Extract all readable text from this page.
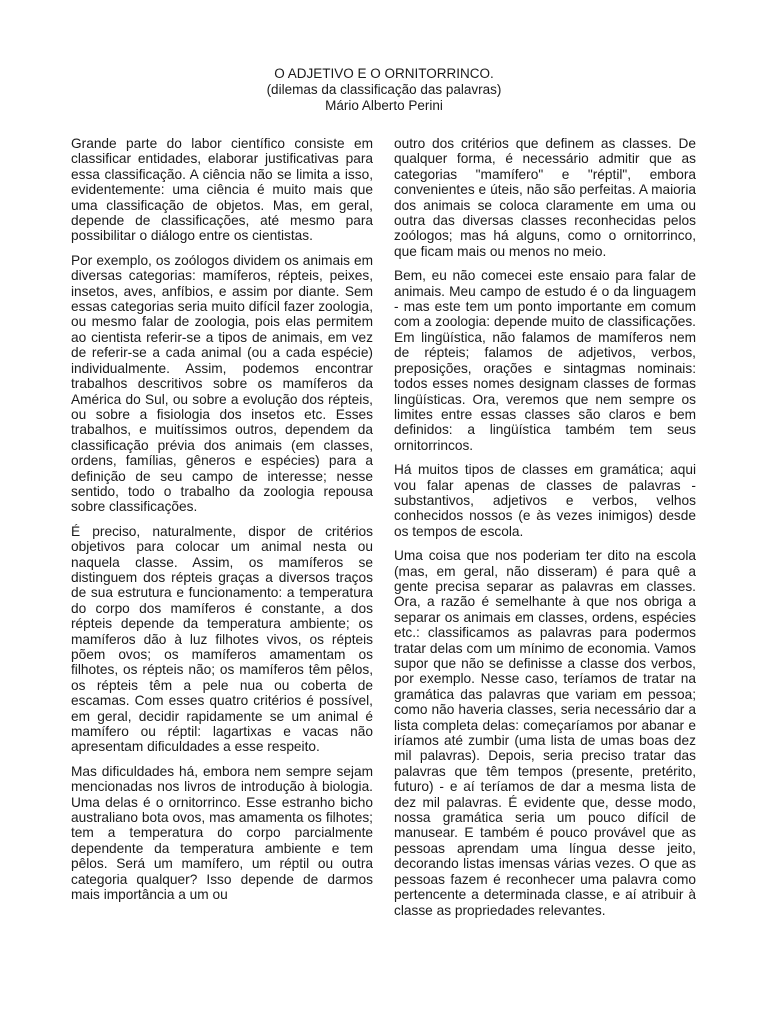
O ADJETIVO E O ORNITORRINCO.
(dilemas da classificação das palavras)
Mário Alberto Perini

Grande parte do labor científico consiste em classificar entidades, elaborar justificativas para essa classificação. A ciência não se limita a isso, evidentemente: uma ciência é muito mais que uma classificação de objetos. Mas, em geral, depende de classificações, até mesmo para possibilitar o diálogo entre os cientistas.

Por exemplo, os zoólogos dividem os animais em diversas categorias: mamíferos, répteis, peixes, insetos, aves, anfíbios, e assim por diante. Sem essas categorias seria muito difícil fazer zoologia, ou mesmo falar de zoologia, pois elas permitem ao cientista referir-se a tipos de animais, em vez de referir-se a cada animal (ou a cada espécie) individualmente. Assim, podemos encontrar trabalhos descritivos sobre os mamíferos da América do Sul, ou sobre a evolução dos répteis, ou sobre a fisiologia dos insetos etc. Esses trabalhos, e muitíssimos outros, dependem da classificação prévia dos animais (em classes, ordens, famílias, gêneros e espécies) para a definição de seu campo de interesse; nesse sentido, todo o trabalho da zoologia repousa sobre classificações.

É preciso, naturalmente, dispor de critérios objetivos para colocar um animal nesta ou naquela classe. Assim, os mamíferos se distinguem dos répteis graças a diversos traços de sua estrutura e funcionamento: a temperatura do corpo dos mamíferos é constante, a dos répteis depende da temperatura ambiente; os mamíferos dão à luz filhotes vivos, os répteis põem ovos; os mamíferos amamentam os filhotes, os répteis não; os mamíferos têm pêlos, os répteis têm a pele nua ou coberta de escamas. Com esses quatro critérios é possível, em geral, decidir rapidamente se um animal é mamífero ou réptil: lagartixas e vacas não apresentam dificuldades a esse respeito.

Mas dificuldades há, embora nem sempre sejam mencionadas nos livros de introdução à biologia. Uma delas é o ornitorrinco. Esse estranho bicho australiano bota ovos, mas amamenta os filhotes; tem a temperatura do corpo parcialmente dependente da temperatura ambiente e tem pêlos. Será um mamífero, um réptil ou outra categoria qualquer? Isso depende de darmos mais importância a um ou

outro dos critérios que definem as classes. De qualquer forma, é necessário admitir que as categorias "mamífero" e "réptil", embora convenientes e úteis, não são perfeitas. A maioria dos animais se coloca claramente em uma ou outra das diversas classes reconhecidas pelos zoólogos; mas há alguns, como o ornitorrinco, que ficam mais ou menos no meio.

Bem, eu não comecei este ensaio para falar de animais. Meu campo de estudo é o da linguagem - mas este tem um ponto importante em comum com a zoologia: depende muito de classificações. Em lingüística, não falamos de mamíferos nem de répteis; falamos de adjetivos, verbos, preposições, orações e sintagmas nominais: todos esses nomes designam classes de formas lingüísticas. Ora, veremos que nem sempre os limites entre essas classes são claros e bem definidos: a lingüística também tem seus ornitorrincos.

Há muitos tipos de classes em gramática; aqui vou falar apenas de classes de palavras - substantivos, adjetivos e verbos, velhos conhecidos nossos (e às vezes inimigos) desde os tempos de escola.

Uma coisa que nos poderiam ter dito na escola (mas, em geral, não disseram) é para quê a gente precisa separar as palavras em classes. Ora, a razão é semelhante à que nos obriga a separar os animais em classes, ordens, espécies etc.: classificamos as palavras para podermos tratar delas com um mínimo de economia. Vamos supor que não se definisse a classe dos verbos, por exemplo. Nesse caso, teríamos de tratar na gramática das palavras que variam em pessoa; como não haveria classes, seria necessário dar a lista completa delas: começaríamos por abanar e iríamos até zumbir (uma lista de umas boas dez mil palavras). Depois, seria preciso tratar das palavras que têm tempos (presente, pretérito, futuro) - e aí teríamos de dar a mesma lista de dez mil palavras. É evidente que, desse modo, nossa gramática seria um pouco difícil de manusear. E também é pouco provável que as pessoas aprendam uma língua desse jeito, decorando listas imensas várias vezes. O que as pessoas fazem é reconhecer uma palavra como pertencente a determinada classe, e aí atribuir à classe as propriedades relevantes.
